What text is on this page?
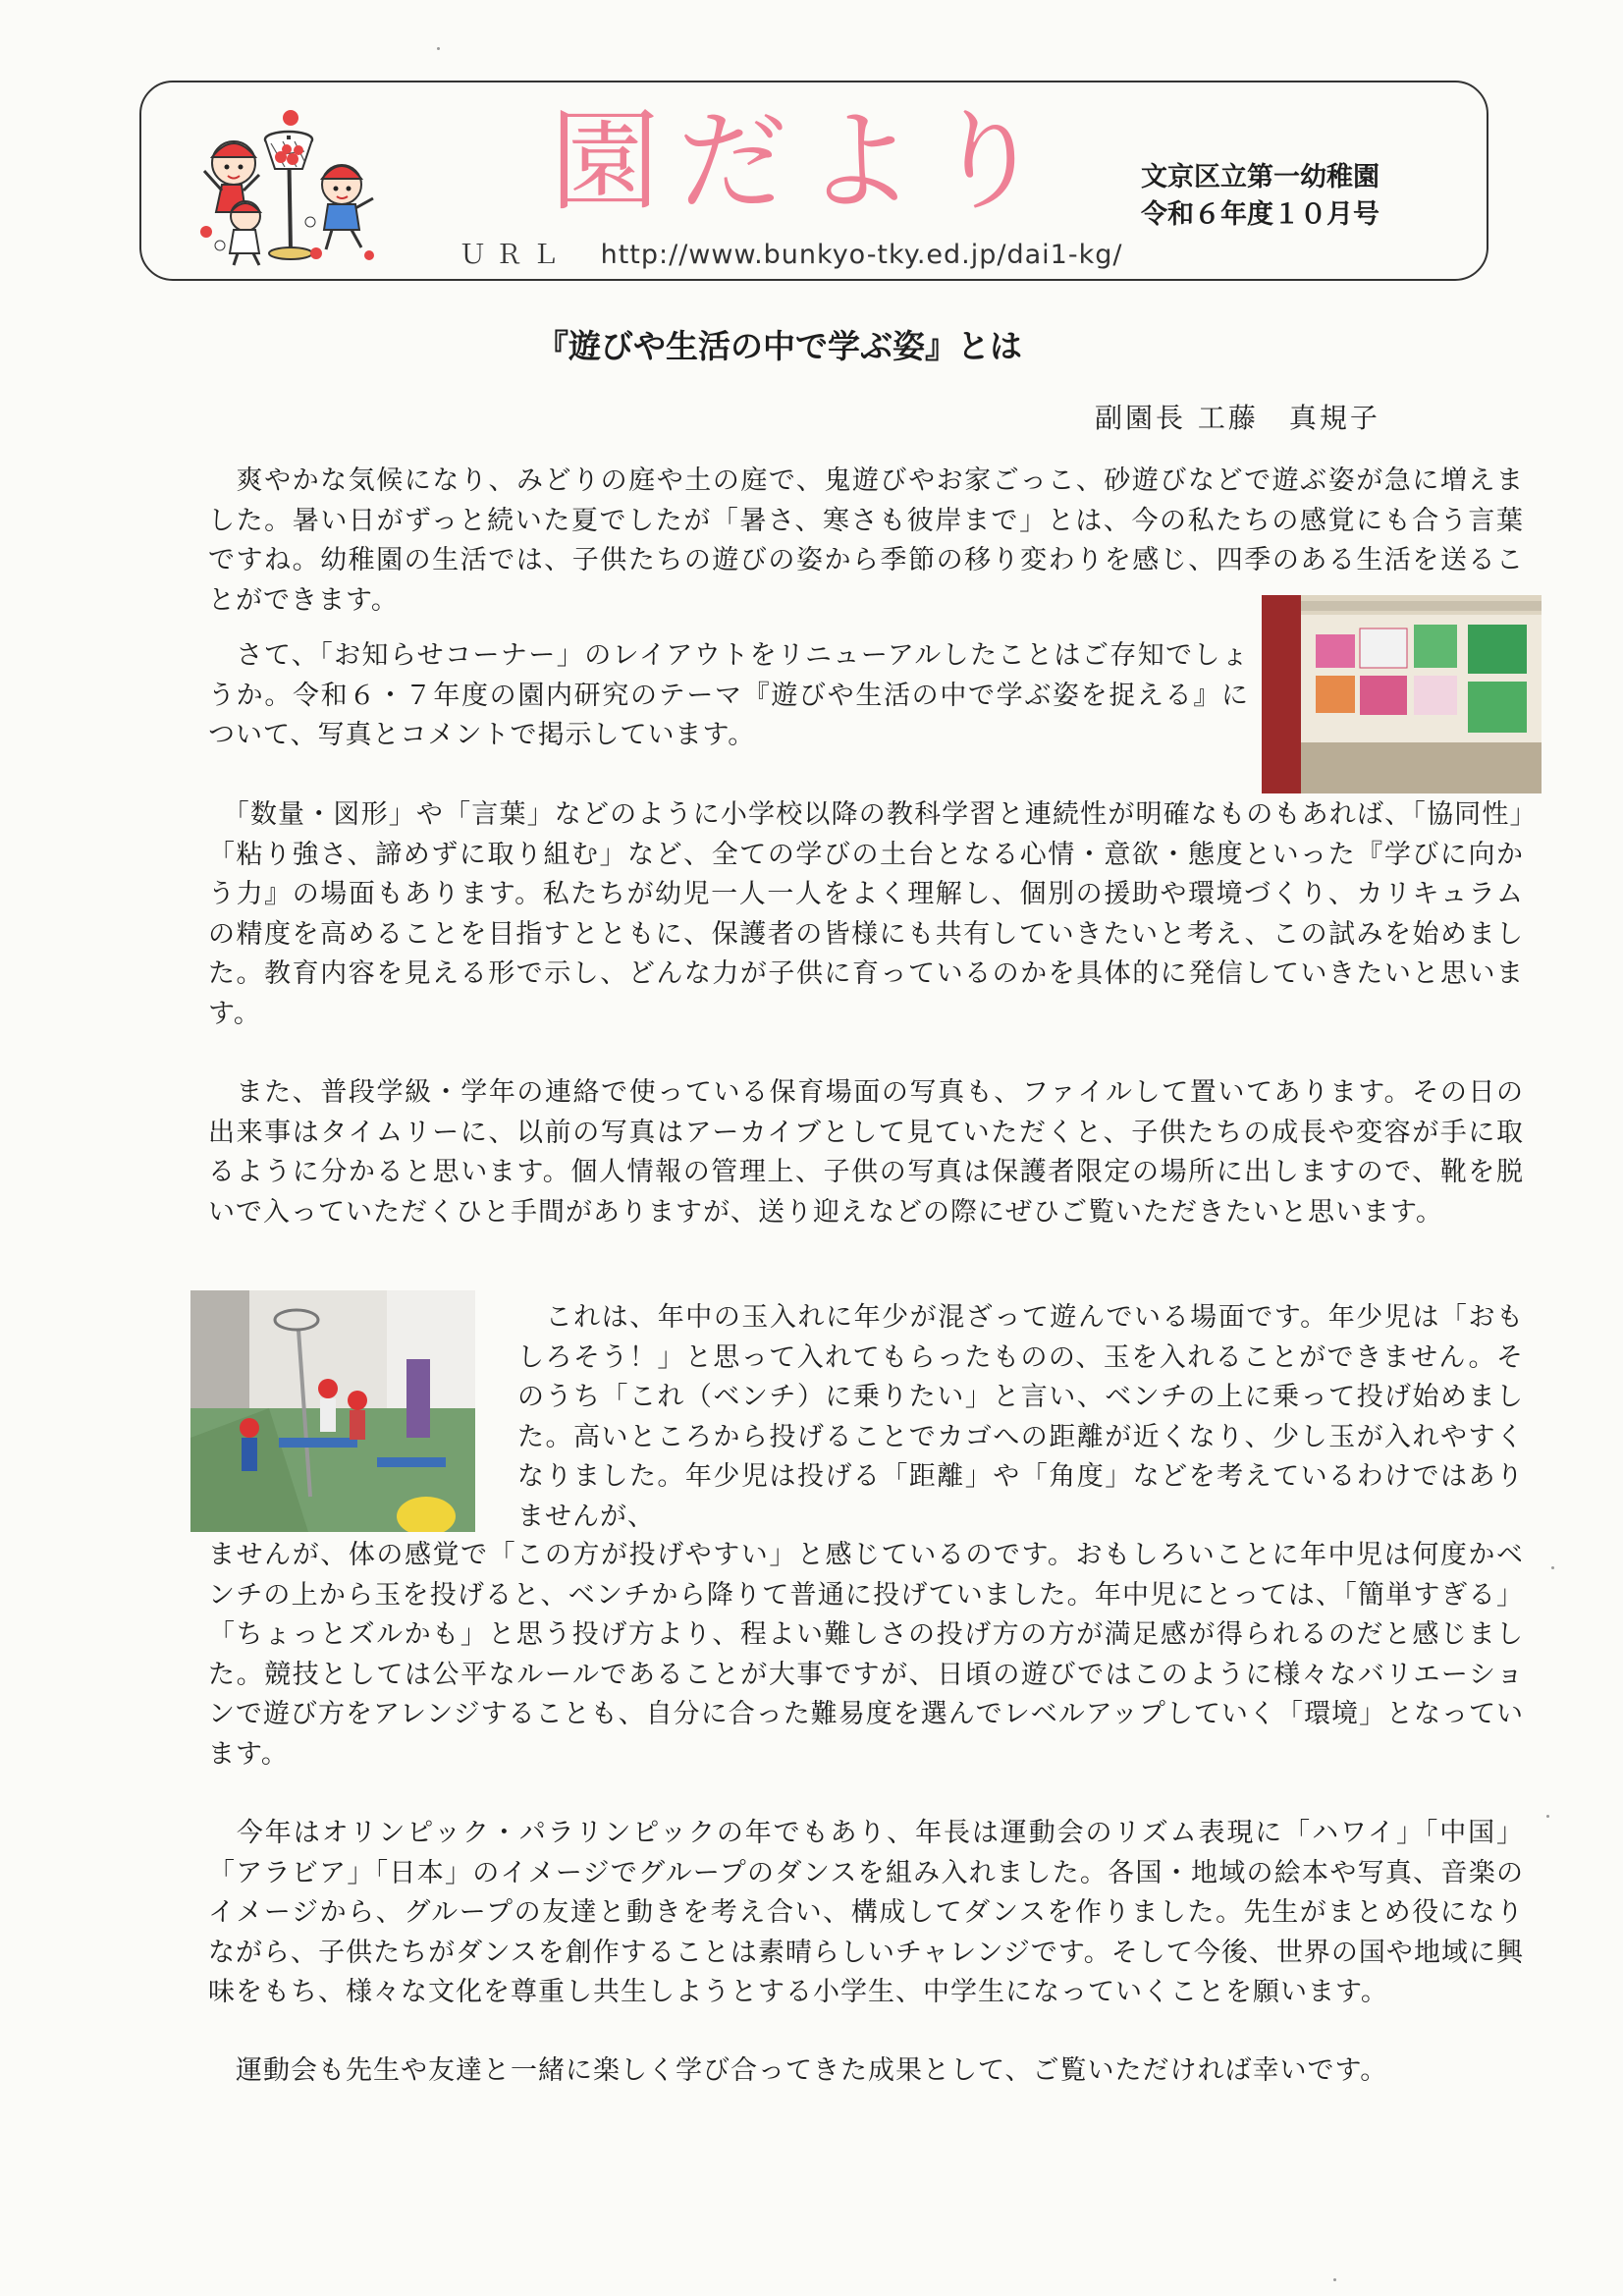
園だより	文京区立第一幼稚園
令和６年度１０月号
ＵＲＬ http://www.bunkyo-tky.ed.jp/dai1-kg/
『遊びや生活の中で学ぶ姿』とは
副園長 工藤　真規子

　爽やかな気候になり、みどりの庭や土の庭で、鬼遊びやお家ごっこ、砂遊びなどで遊ぶ姿が急に増えました。暑い日がずっと続いた夏でしたが「暑さ、寒さも彼岸まで」とは、今の私たちの感覚にも合う言葉ですね。幼稚園の生活では、子供たちの遊びの姿から季節の移り変わりを感じ、四季のある生活を送ることができます。

　さて、「お知らせコーナー」のレイアウトをリニューアルしたことはご存知でしょうか。令和６・７年度の園内研究のテーマ『遊びや生活の中で学ぶ姿を捉える』について、写真とコメントで掲示しています。

　「数量・図形」や「言葉」などのように小学校以降の教科学習と連続性が明確なものもあれば、「協同性」「粘り強さ、諦めずに取り組む」など、全ての学びの土台となる心情・意欲・態度といった『学びに向かう力』の場面もあります。私たちが幼児一人一人をよく理解し、個別の援助や環境づくり、カリキュラムの精度を高めることを目指すとともに、保護者の皆様にも共有していきたいと考え、この試みを始めました。教育内容を見える形で示し、どんな力が子供に育っているのかを具体的に発信していきたいと思います。

　また、普段学級・学年の連絡で使っている保育場面の写真も、ファイルして置いてあります。その日の出来事はタイムリーに、以前の写真はアーカイブとして見ていただくと、子供たちの成長や変容が手に取るように分かると思います。個人情報の管理上、子供の写真は保護者限定の場所に出しますので、靴を脱いで入っていただくひと手間がありますが、送り迎えなどの際にぜひご覧いただきたいと思います。

　これは、年中の玉入れに年少が混ざって遊んでいる場面です。年少児は「おもしろそう！」と思って入れてもらったものの、玉を入れることができません。そのうち「これ（ベンチ）に乗りたい」と言い、ベンチの上に乗って投げ始めました。高いところから投げることでカゴへの距離が近くなり、少し玉が入れやすくなりました。年少児は投げる「距離」や「角度」などを考えているわけではありませんが、

ませんが、体の感覚で「この方が投げやすい」と感じているのです。おもしろいことに年中児は何度かベンチの上から玉を投げると、ベンチから降りて普通に投げていました。年中児にとっては、「簡単すぎる」「ちょっとズルかも」と思う投げ方より、程よい難しさの投げ方の方が満足感が得られるのだと感じました。競技としては公平なルールであることが大事ですが、日頃の遊びではこのように様々なバリエーションで遊び方をアレンジすることも、自分に合った難易度を選んでレベルアップしていく「環境」となっています。

　今年はオリンピック・パラリンピックの年でもあり、年長は運動会のリズム表現に「ハワイ」「中国」「アラビア」「日本」のイメージでグループのダンスを組み入れました。各国・地域の絵本や写真、音楽のイメージから、グループの友達と動きを考え合い、構成してダンスを作りました。先生がまとめ役になりながら、子供たちがダンスを創作することは素晴らしいチャレンジです。そして今後、世界の国や地域に興味をもち、様々な文化を尊重し共生しようとする小学生、中学生になっていくことを願います。

　運動会も先生や友達と一緒に楽しく学び合ってきた成果として、ご覧いただければ幸いです。
